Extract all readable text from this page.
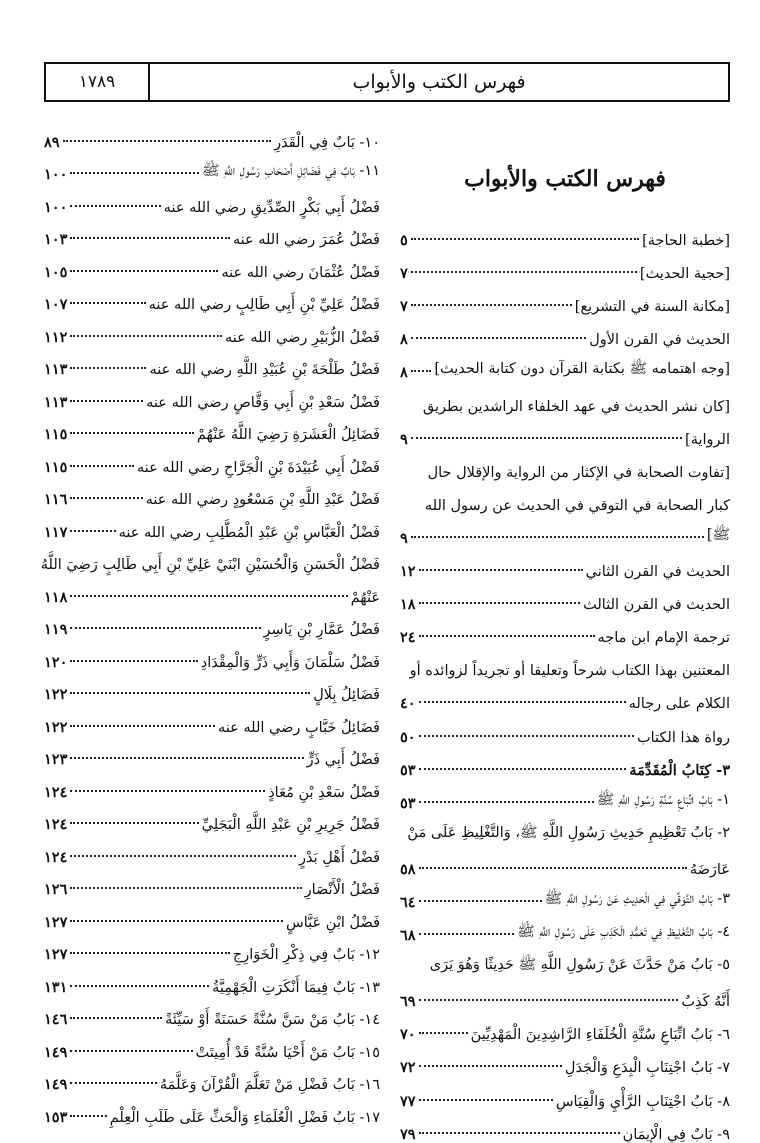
فهرس الكتب والأبواب
١٧٨٩
فهرس الكتب والأبواب
[خطبة الحاجة]
٥
[حجية الحديث]
٧
[مكانة السنة في التشريع]
٧
الحديث في القرن الأول
٨
[وجه اهتمامه ﷺ بكتابة القرآن دون كتابة الحديث]
٨
[كان نشر الحديث في عهد الخلفاء الراشدين بطريق
الرواية]
٩
[تفاوت الصحابة في الإكثار من الرواية والإقلال حال
كبار الصحابة في التوقي في الحديث عن رسول الله
ﷺ]
٩
الحديث في القرن الثاني
١٢
الحديث في القرن الثالث
١٨
ترجمة الإمام ابن ماجه
٢٤
المعتنين بهذا الكتاب شرحاً وتعليقا أو تجريداً لزوائده أو
الكلام على رجاله
٤٠
رواة هذا الكتاب
٥٠
٣- كِتَابُ الْمُقَدِّمَة
٥٣
١- بَابُ اتِّبَاعِ سُنَّةِ رَسُولِ اللَّهِ ﷺ
٥٣
٢- بَابُ تَعْظِيمِ حَدِيثِ رَسُولِ اللَّهِ ﷺ، وَالتَّغْلِيظِ عَلَى مَنْ
عَارَضَهُ
٥٨
٣- بَابُ التَّوَقِّي فِي الْحَدِيثِ عَنْ رَسُولِ اللَّهِ ﷺ
٦٤
٤- بَابُ التَّغْلِيظِ فِي تَعَمُّدِ الْكَذِبِ عَلَى رَسُولِ اللَّهِ ﷺ
٦٨
٥- بَابُ مَنْ حَدَّثَ عَنْ رَسُولِ اللَّهِ ﷺ حَدِيثًا وَهُوَ يَرَى
أَنَّهُ كَذِبٌ
٦٩
٦- بَابُ اتِّبَاعِ سُنَّةِ الْخُلَفَاءِ الرَّاشِدِينَ الْمَهْدِيِّينَ
٧٠
٧- بَابُ اجْتِنَابِ الْبِدَعِ وَالْجَدَلِ
٧٢
٨- بَابُ اجْتِنَابِ الرَّأْيِ وَالْقِيَاسِ
٧٧
٩- بَابٌ فِي الْإِيمَانِ
٧٩
١٠- بَابٌ فِي الْقَدَرِ
٨٩
١١- بَابٌ فِي فَضَائِلِ أَصْحَابِ رَسُولِ اللَّهِ ﷺ
١٠٠
فَضْلُ أَبِي بَكْرٍ الصِّدِّيقِ رضي الله عنه
١٠٠
فَضْلُ عُمَرَ رضي الله عنه
١٠٣
فَضْلُ عُثْمَانَ رضي الله عنه
١٠٥
فَضْلُ عَلِيِّ بْنِ أَبِي طَالِبٍ رضي الله عنه
١٠٧
فَضْلُ الزُّبَيْرِ رضي الله عنه
١١٢
فَضْلُ طَلْحَةَ بْنِ عُبَيْدِ اللَّهِ رضي الله عنه
١١٣
فَضْلُ سَعْدِ بْنِ أَبِي وَقَّاصٍ رضي الله عنه
١١٣
فَضَائِلُ الْعَشَرَةِ رَضِيَ اللَّهُ عَنْهُمْ
١١٥
فَضْلُ أَبِي عُبَيْدَةَ بْنِ الْجَرَّاحِ رضي الله عنه
١١٥
فَضْلُ عَبْدِ اللَّهِ بْنِ مَسْعُودٍ رضي الله عنه
١١٦
فَضْلُ الْعَبَّاسِ بْنِ عَبْدِ الْمُطَّلِبِ رضي الله عنه
١١٧
فَضْلُ الْحَسَنِ وَالْحُسَيْنِ ابْنَيْ عَلِيِّ بْنِ أَبِي طَالِبٍ رَضِيَ اللَّهُ
عَنْهُمْ
١١٨
فَضْلُ عَمَّارِ بْنِ يَاسِرٍ
١١٩
فَضْلُ سَلْمَانَ وَأَبِي ذَرٍّ وَالْمِقْدَادِ
١٢٠
فَضَائِلُ بِلَالٍ
١٢٢
فَضَائِلُ خَبَّابٍ رضي الله عنه
١٢٢
فَضْلُ أَبِي ذَرٍّ
١٢٣
فَضْلُ سَعْدِ بْنِ مُعَاذٍ
١٢٤
فَضْلُ جَرِيرِ بْنِ عَبْدِ اللَّهِ الْبَجَلِيِّ
١٢٤
فَضْلُ أَهْلِ بَدْرٍ
١٢٤
فَضْلُ الْأَنْصَارِ
١٢٦
فَضْلُ ابْنِ عَبَّاسٍ
١٢٧
١٢- بَابٌ فِي ذِكْرِ الْخَوَارِجِ
١٢٧
١٣- بَابٌ فِيمَا أَنْكَرَتِ الْجَهْمِيَّةُ
١٣١
١٤- بَابُ مَنْ سَنَّ سُنَّةً حَسَنَةً أَوْ سَيِّئَةً
١٤٦
١٥- بَابُ مَنْ أَحْيَا سُنَّةً قَدْ أُمِيتَتْ
١٤٩
١٦- بَابُ فَضْلِ مَنْ تَعَلَّمَ الْقُرْآنَ وَعَلَّمَهُ
١٤٩
١٧- بَابُ فَضْلِ الْعُلَمَاءِ وَالْحَثِّ عَلَى طَلَبِ الْعِلْمِ
١٥٣
